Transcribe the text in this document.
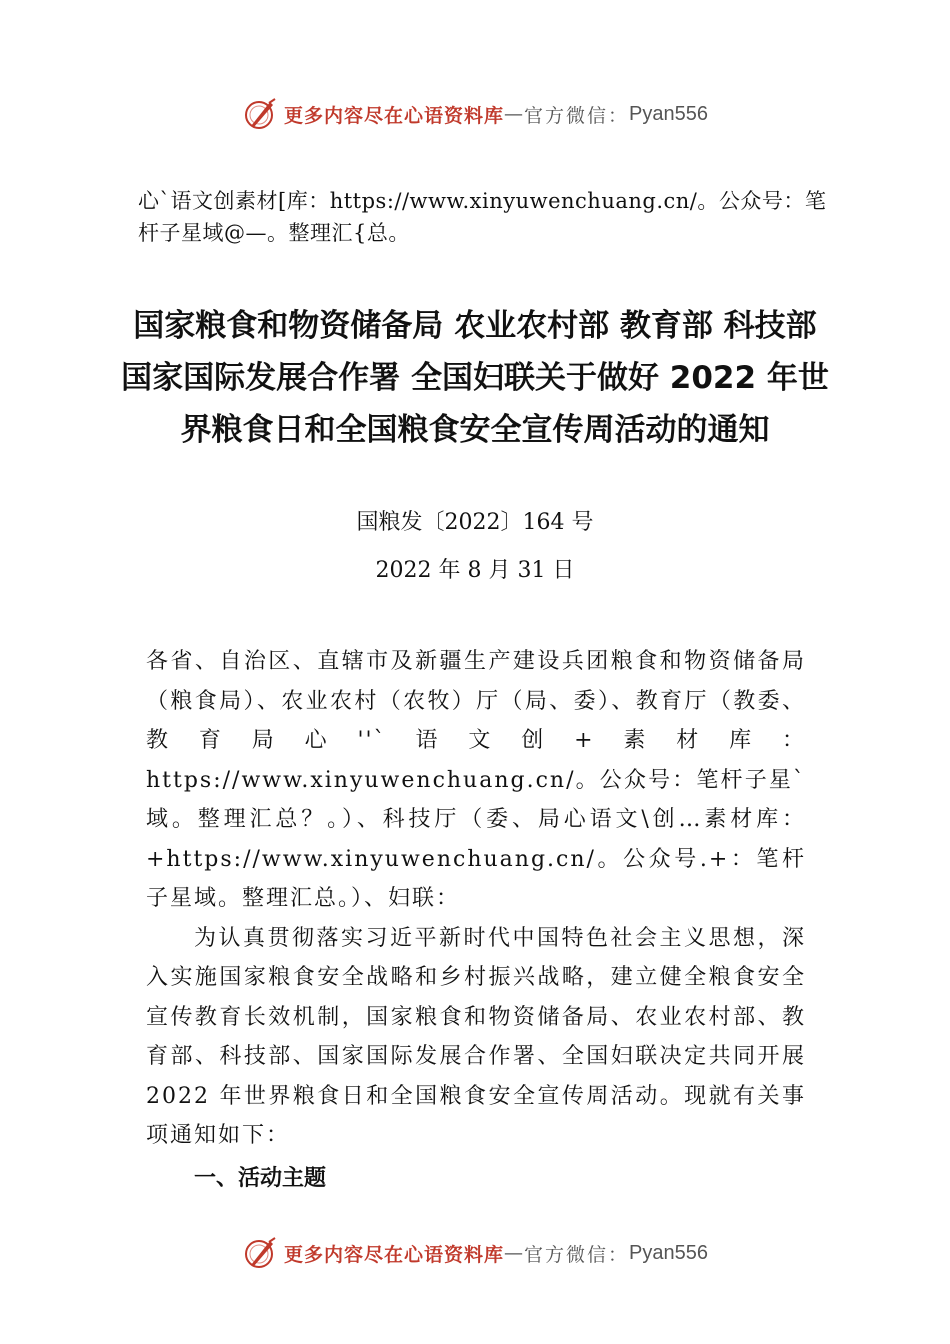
更多内容尽在心语资料库 — 官方微信： Pyan556
心`语文创素材[库：https://www.xinyuwenchuang.cn/。公众号：笔杆子星域@—。整理汇{总。
国家粮食和物资储备局 农业农村部 教育部 科技部 国家国际发展合作署 全国妇联关于做好 2022 年世界粮食日和全国粮食安全宣传周活动的通知
国粮发〔2022〕164 号
2022 年 8 月 31 日

各省、自治区、直辖市及新疆生产建设兵团粮食和物资储备局（粮食局）、农业农村（农牧）厅（局、委）、教育厅（教委、教育局心''`语文创+素材库：https://www.xinyuwenchuang.cn/。公众号：笔杆子星`域。整理汇总？。）、科技厅（委、局心语文\创…素材库：+https://www.xinyuwenchuang.cn/。公众号.+：笔杆子星域。整理汇总。）、妇联：

为认真贯彻落实习近平新时代中国特色社会主义思想，深入实施国家粮食安全战略和乡村振兴战略，建立健全粮食安全宣传教育长效机制，国家粮食和物资储备局、农业农村部、教育部、科技部、国家国际发展合作署、全国妇联决定共同开展 2022 年世界粮食日和全国粮食安全宣传周活动。现就有关事项通知如下：

一、活动主题
更多内容尽在心语资料库 — 官方微信： Pyan556
